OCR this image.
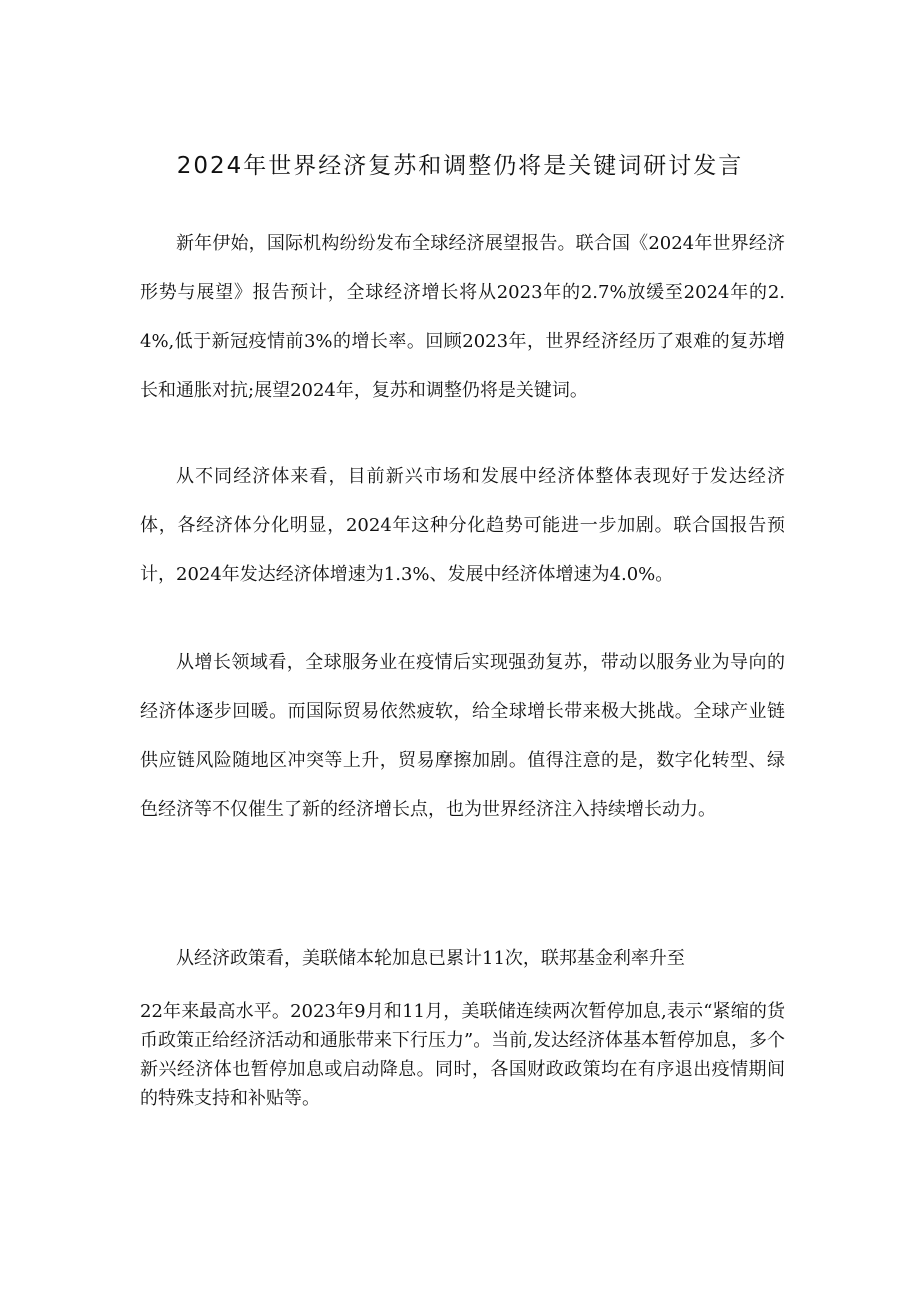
2024年世界经济复苏和调整仍将是关键词研讨发言

新年伊始，国际机构纷纷发布全球经济展望报告。联合国《2024年世界经济形势与展望》报告预计，全球经济增长将从2023年的2.7%放缓至2024年的2.4%,低于新冠疫情前3%的增长率。回顾2023年，世界经济经历了艰难的复苏增长和通胀对抗;展望2024年，复苏和调整仍将是关键词。

从不同经济体来看，目前新兴市场和发展中经济体整体表现好于发达经济体，各经济体分化明显，2024年这种分化趋势可能进一步加剧。联合国报告预计，2024年发达经济体增速为1.3%、发展中经济体增速为4.0%。

从增长领域看，全球服务业在疫情后实现强劲复苏，带动以服务业为导向的经济体逐步回暖。而国际贸易依然疲软，给全球增长带来极大挑战。全球产业链供应链风险随地区冲突等上升，贸易摩擦加剧。值得注意的是，数字化转型、绿色经济等不仅催生了新的经济增长点，也为世界经济注入持续增长动力。

从经济政策看，美联储本轮加息已累计11次，联邦基金利率升至

22年来最高水平。2023年9月和11月，美联储连续两次暂停加息,表示“紧缩的货币政策正给经济活动和通胀带来下行压力”。当前,发达经济体基本暂停加息，多个新兴经济体也暂停加息或启动降息。同时，各国财政政策均在有序退出疫情期间的特殊支持和补贴等。
